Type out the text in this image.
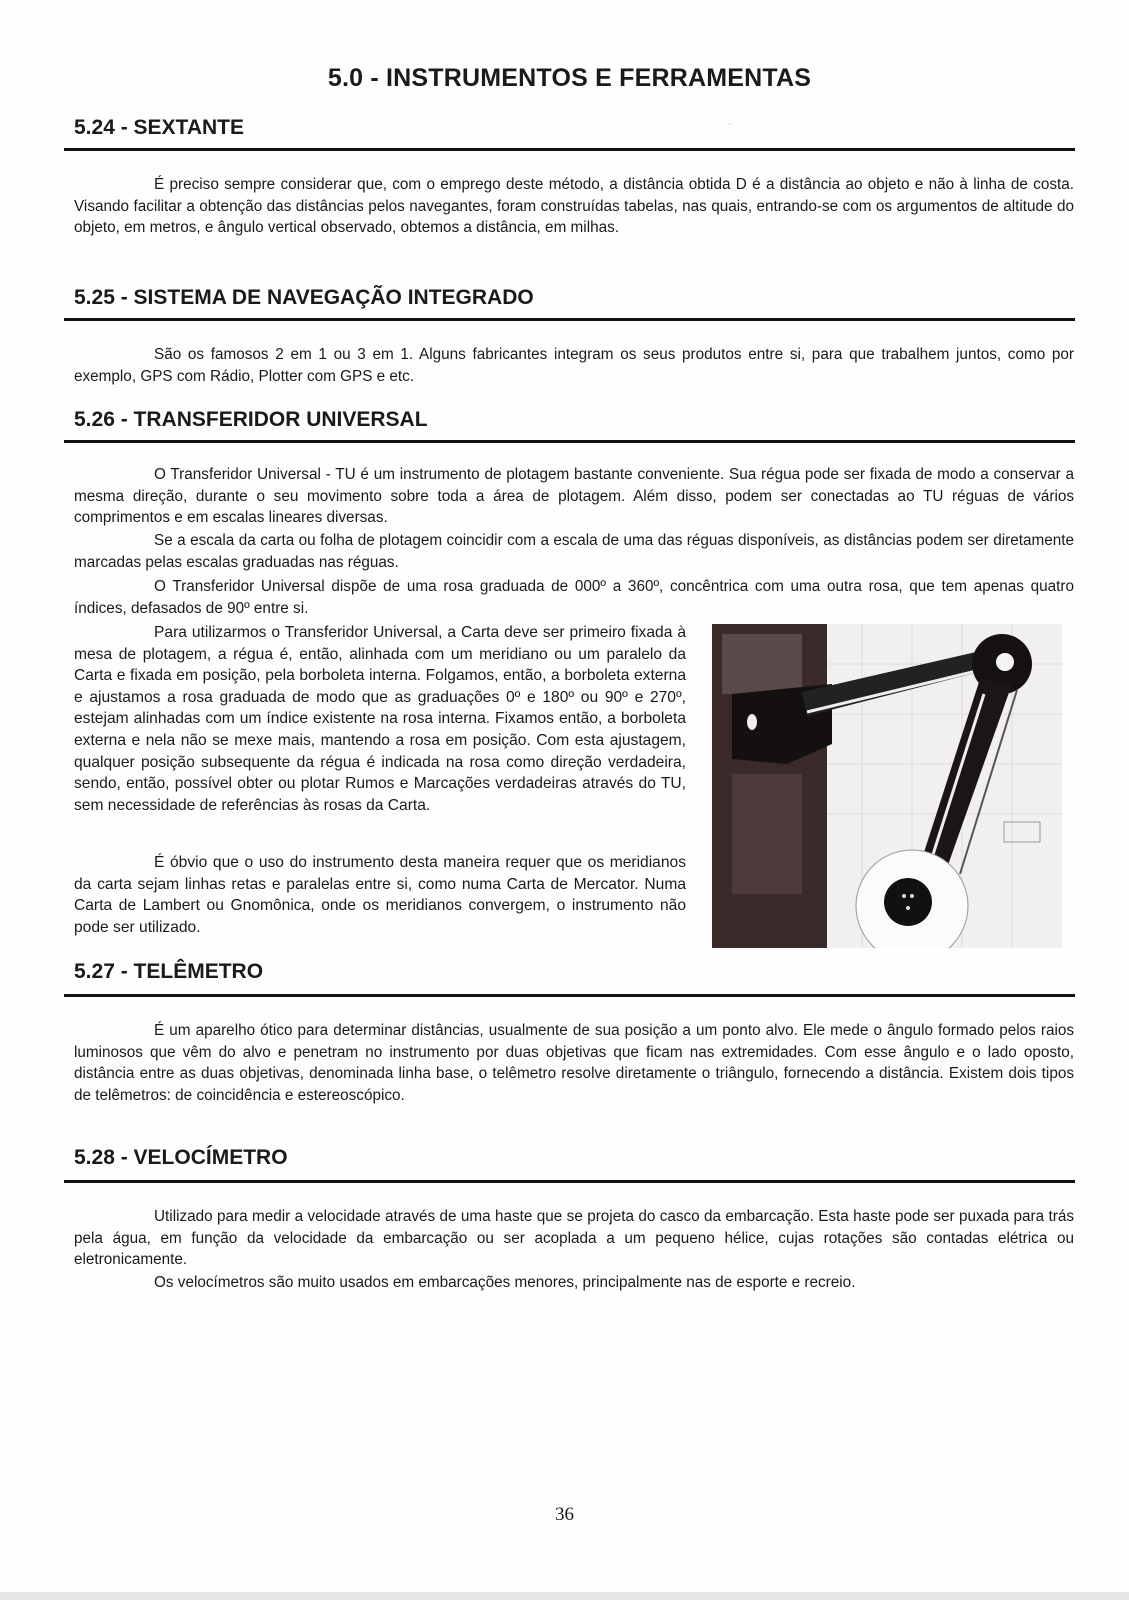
5.0 - INSTRUMENTOS E FERRAMENTAS
ʾ
5.24 - SEXTANTE

É preciso sempre considerar que, com o emprego deste método, a distância obtida D é a distância ao objeto e não à linha de costa. Visando facilitar a obtenção das distâncias pelos navegantes, foram construídas tabelas, nas quais, entrando-se com os argumentos de altitude do objeto, em metros, e ângulo vertical observado, obtemos a distância, em milhas.

5.25 - SISTEMA DE NAVEGAÇÃO INTEGRADO

São os famosos 2 em 1 ou 3 em 1. Alguns fabricantes integram os seus produtos entre si, para que trabalhem juntos, como por exemplo, GPS com Rádio, Plotter com GPS e etc.

5.26 - TRANSFERIDOR UNIVERSAL

O Transferidor Universal - TU é um instrumento de plotagem bastante conveniente. Sua régua pode ser fixada de modo a conservar a mesma direção, durante o seu movimento sobre toda a área de plotagem. Além disso, podem ser conectadas ao TU réguas de vários comprimentos e em escalas lineares diversas.

Se a escala da carta ou folha de plotagem coincidir com a escala de uma das réguas disponíveis, as distâncias podem ser diretamente marcadas pelas escalas graduadas nas réguas.

O Transferidor Universal dispõe de uma rosa graduada de 000º a 360º, concêntrica com uma outra rosa, que tem apenas quatro índices, defasados de 90º entre si.

Para utilizarmos o Transferidor Universal, a Carta deve ser primeiro fixada à mesa de plotagem, a régua é, então, alinhada com um meridiano ou um paralelo da Carta e fixada em posição, pela borboleta interna. Folgamos, então, a borboleta externa e ajustamos a rosa graduada de modo que as graduações 0º e 180º ou 90º e 270º, estejam alinhadas com um índice existente na rosa interna. Fixamos então, a borboleta externa e nela não se mexe mais, mantendo a rosa em posição. Com esta ajustagem, qualquer posição subsequente da régua é indicada na rosa como direção verdadeira, sendo, então, possível obter ou plotar Rumos e Marcações verdadeiras através do TU, sem necessidade de referências às rosas da Carta.

É óbvio que o uso do instrumento desta maneira requer que os meridianos da carta sejam linhas retas e paralelas entre si, como numa Carta de Mercator. Numa Carta de Lambert ou Gnomônica, onde os meridianos convergem, o instrumento não pode ser utilizado.

5.27 - TELÊMETRO

É um aparelho ótico para determinar distâncias, usualmente de sua posição a um ponto alvo. Ele mede o ângulo formado pelos raios luminosos que vêm do alvo e penetram no instrumento por duas objetivas que ficam nas extremidades. Com esse ângulo e o lado oposto, distância entre as duas objetivas, denominada linha base, o telêmetro resolve diretamente o triângulo, fornecendo a distância. Existem dois tipos de telêmetros: de coincidência e estereoscópico.

5.28 - VELOCÍMETRO

Utilizado para medir a velocidade através de uma haste que se projeta do casco da embarcação. Esta haste pode ser puxada para trás pela água, em função da velocidade da embarcação ou ser acoplada a um pequeno hélice, cujas rotações são contadas elétrica ou eletronicamente.

Os velocímetros são muito usados em embarcações menores, principalmente nas de esporte e recreio.

36
